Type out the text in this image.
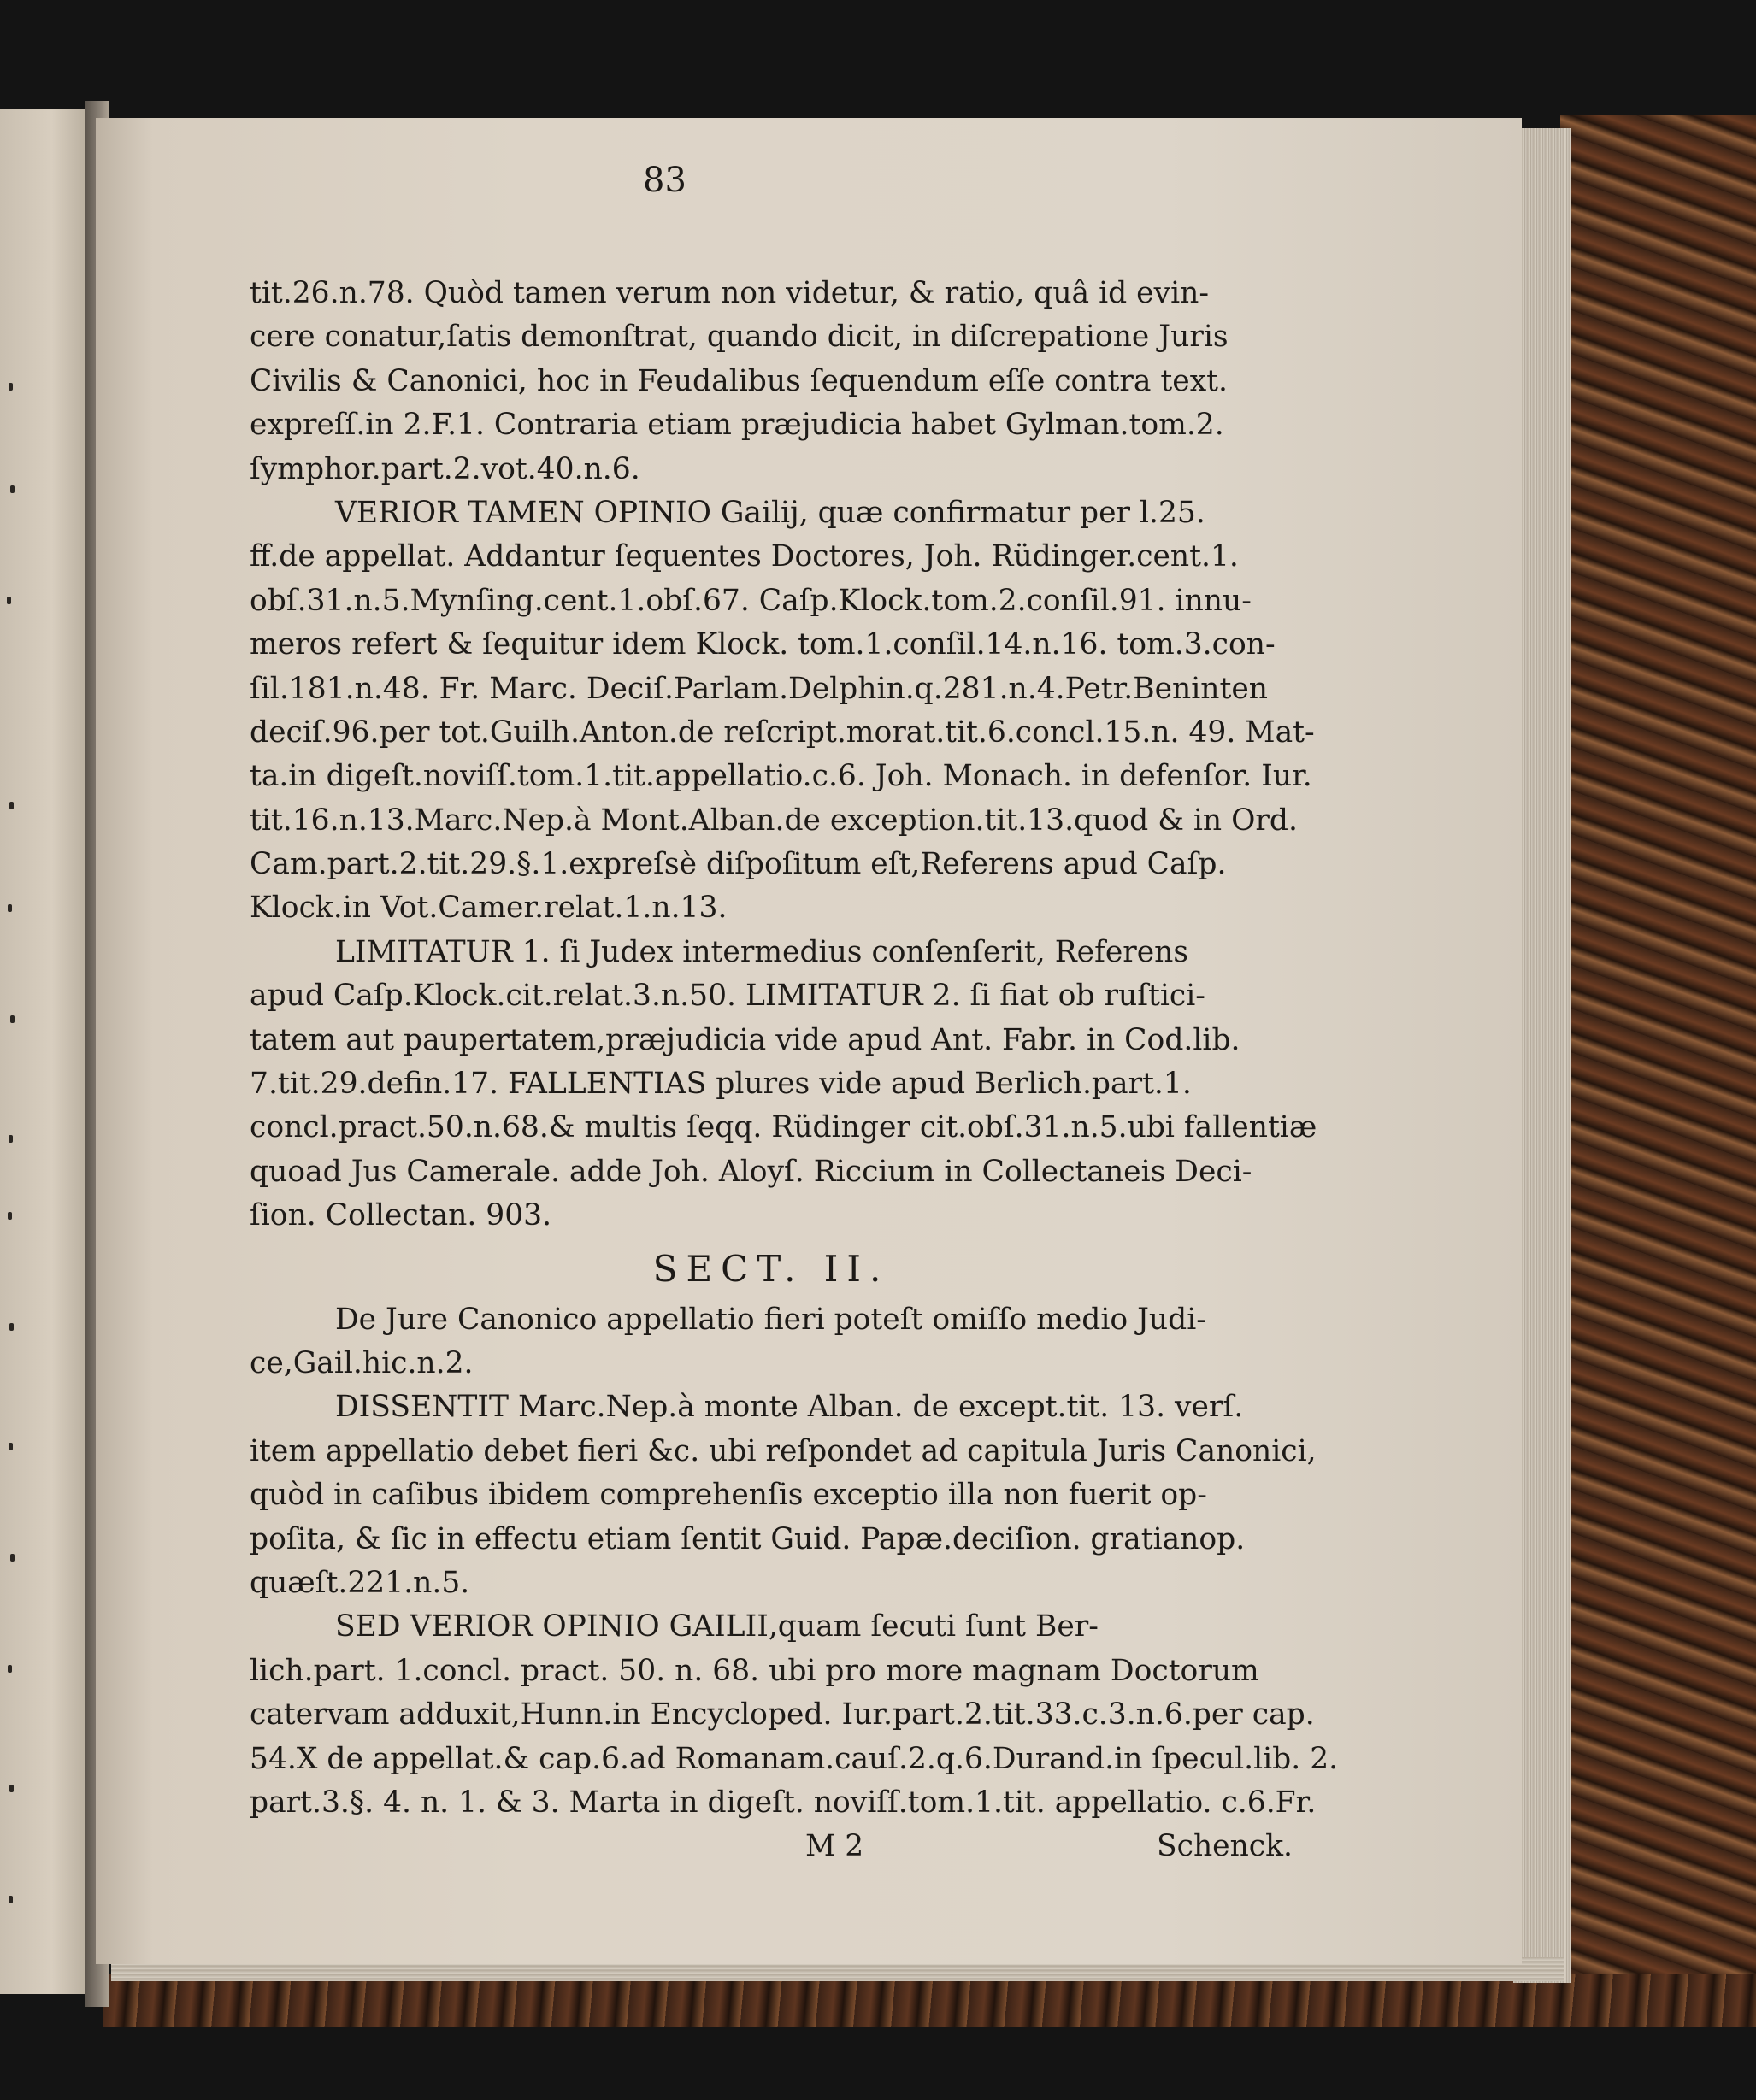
83
tit.26.n.78. Quòd tamen verum non videtur, & ratio, quâ id evin-
cere conatur,ſatis demonſtrat, quando dicit, in diſcrepatione Juris
Civilis & Canonici, hoc in Feudalibus ſequendum eſſe contra text.
expreſſ.in 2.F.1. Contraria etiam præjudicia habet Gylman.tom.2.
ſymphor.part.2.vot.40.n.6.
VERIOR TAMEN OPINIO Gailij, quæ confirmatur per l.25.
ff.de appellat. Addantur ſequentes Doctores, Joh. Rüdinger.cent.1.
obſ.31.n.5.Mynſing.cent.1.obſ.67. Caſp.Klock.tom.2.conſil.91. innu-
meros refert & ſequitur idem Klock. tom.1.conſil.14.n.16. tom.3.con-
ſil.181.n.48. Fr. Marc. Deciſ.Parlam.Delphin.q.281.n.4.Petr.Beninten
deciſ.96.per tot.Guilh.Anton.de reſcript.morat.tit.6.concl.15.n. 49. Mat-
ta.in digeſt.noviſſ.tom.1.tit.appellatio.c.6. Joh. Monach. in defenſor. Iur.
tit.16.n.13.Marc.Nep.à Mont.Alban.de exception.tit.13.quod & in Ord.
Cam.part.2.tit.29.§.1.expreſsè diſpoſitum eſt,Referens apud Caſp.
Klock.in Vot.Camer.relat.1.n.13.
LIMITATUR 1. ſi Judex intermedius conſenſerit, Referens
apud Caſp.Klock.cit.relat.3.n.50. LIMITATUR 2. ſi fiat ob ruſtici-
tatem aut paupertatem,præjudicia vide apud Ant. Fabr. in Cod.lib.
7.tit.29.defin.17. FALLENTIAS plures vide apud Berlich.part.1.
concl.pract.50.n.68.& multis ſeqq. Rüdinger cit.obſ.31.n.5.ubi fallentiæ
quoad Jus Camerale. adde Joh. Aloyſ. Riccium in Collectaneis Deci-
ſion. Collectan. 903.
SECT. II.
De Jure Canonico appellatio fieri poteſt omiſſo medio Judi-
ce,Gail.hic.n.2.
DISSENTIT Marc.Nep.à monte Alban. de except.tit. 13. verſ.
item appellatio debet fieri &c. ubi reſpondet ad capitula Juris Canonici,
quòd in caſibus ibidem comprehenſis exceptio illa non fuerit op-
poſita, & ſic in effectu etiam ſentit Guid. Papæ.deciſion. gratianop.
quæſt.221.n.5.
SED VERIOR OPINIO GAILII,quam ſecuti ſunt Ber-
lich.part. 1.concl. pract. 50. n. 68. ubi pro more magnam Doctorum
catervam adduxit,Hunn.in Encycloped. Iur.part.2.tit.33.c.3.n.6.per cap.
54.X de appellat.& cap.6.ad Romanam.cauſ.2.q.6.Durand.in ſpecul.lib. 2.
part.3.§. 4. n. 1. & 3. Marta in digeſt. noviſſ.tom.1.tit. appellatio. c.6.Fr.
M 2	Schenck.
